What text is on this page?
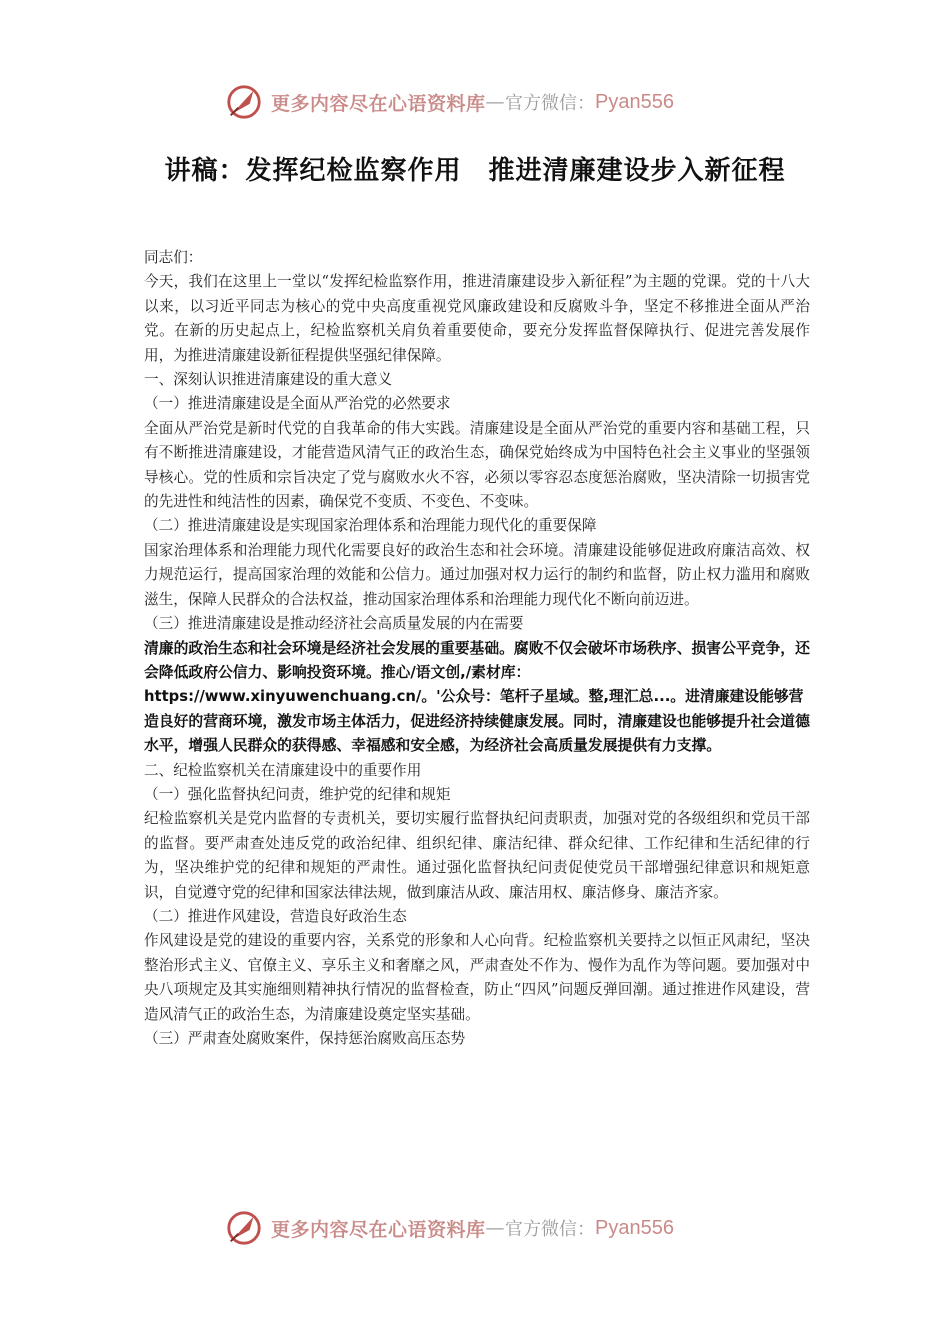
更多内容尽在心语资料库 — 官方微信： Pyan556
讲稿：发挥纪检监察作用　推进清廉建设步入新征程

同志们：

今天，我们在这里上一堂以“发挥纪检监察作用，推进清廉建设步入新征程”为主题的党课。党的十八大以来，以习近平同志为核心的党中央高度重视党风廉政建设和反腐败斗争，坚定不移推进全面从严治党。在新的历史起点上，纪检监察机关肩负着重要使命，要充分发挥监督保障执行、促进完善发展作用，为推进清廉建设新征程提供坚强纪律保障。

一、深刻认识推进清廉建设的重大意义

（一）推进清廉建设是全面从严治党的必然要求

全面从严治党是新时代党的自我革命的伟大实践。清廉建设是全面从严治党的重要内容和基础工程，只有不断推进清廉建设，才能营造风清气正的政治生态，确保党始终成为中国特色社会主义事业的坚强领导核心。党的性质和宗旨决定了党与腐败水火不容，必须以零容忍态度惩治腐败，坚决清除一切损害党的先进性和纯洁性的因素，确保党不变质、不变色、不变味。

（二）推进清廉建设是实现国家治理体系和治理能力现代化的重要保障

国家治理体系和治理能力现代化需要良好的政治生态和社会环境。清廉建设能够促进政府廉洁高效、权力规范运行，提高国家治理的效能和公信力。通过加强对权力运行的制约和监督，防止权力滥用和腐败滋生，保障人民群众的合法权益，推动国家治理体系和治理能力现代化不断向前迈进。

（三）推进清廉建设是推动经济社会高质量发展的内在需要

清廉的政治生态和社会环境是经济社会发展的重要基础。腐败不仅会破坏市场秩序、损害公平竞争，还会降低政府公信力、影响投资环境。推心/语文创,/素材库：https://www.xinyuwenchuang.cn/。'公众号：笔杆子星域。整,理汇总...。进清廉建设能够营造良好的营商环境，激发市场主体活力，促进经济持续健康发展。同时，清廉建设也能够提升社会道德水平，增强人民群众的获得感、幸福感和安全感，为经济社会高质量发展提供有力支撑。

二、纪检监察机关在清廉建设中的重要作用

（一）强化监督执纪问责，维护党的纪律和规矩

纪检监察机关是党内监督的专责机关，要切实履行监督执纪问责职责，加强对党的各级组织和党员干部的监督。要严肃查处违反党的政治纪律、组织纪律、廉洁纪律、群众纪律、工作纪律和生活纪律的行为，坚决维护党的纪律和规矩的严肃性。通过强化监督执纪问责促使党员干部增强纪律意识和规矩意识，自觉遵守党的纪律和国家法律法规，做到廉洁从政、廉洁用权、廉洁修身、廉洁齐家。

（二）推进作风建设，营造良好政治生态

作风建设是党的建设的重要内容，关系党的形象和人心向背。纪检监察机关要持之以恒正风肃纪，坚决整治形式主义、官僚主义、享乐主义和奢靡之风，严肃查处不作为、慢作为乱作为等问题。要加强对中央八项规定及其实施细则精神执行情况的监督检查，防止“四风”问题反弹回潮。通过推进作风建设，营造风清气正的政治生态，为清廉建设奠定坚实基础。

（三）严肃查处腐败案件，保持惩治腐败高压态势

更多内容尽在心语资料库 — 官方微信： Pyan556
